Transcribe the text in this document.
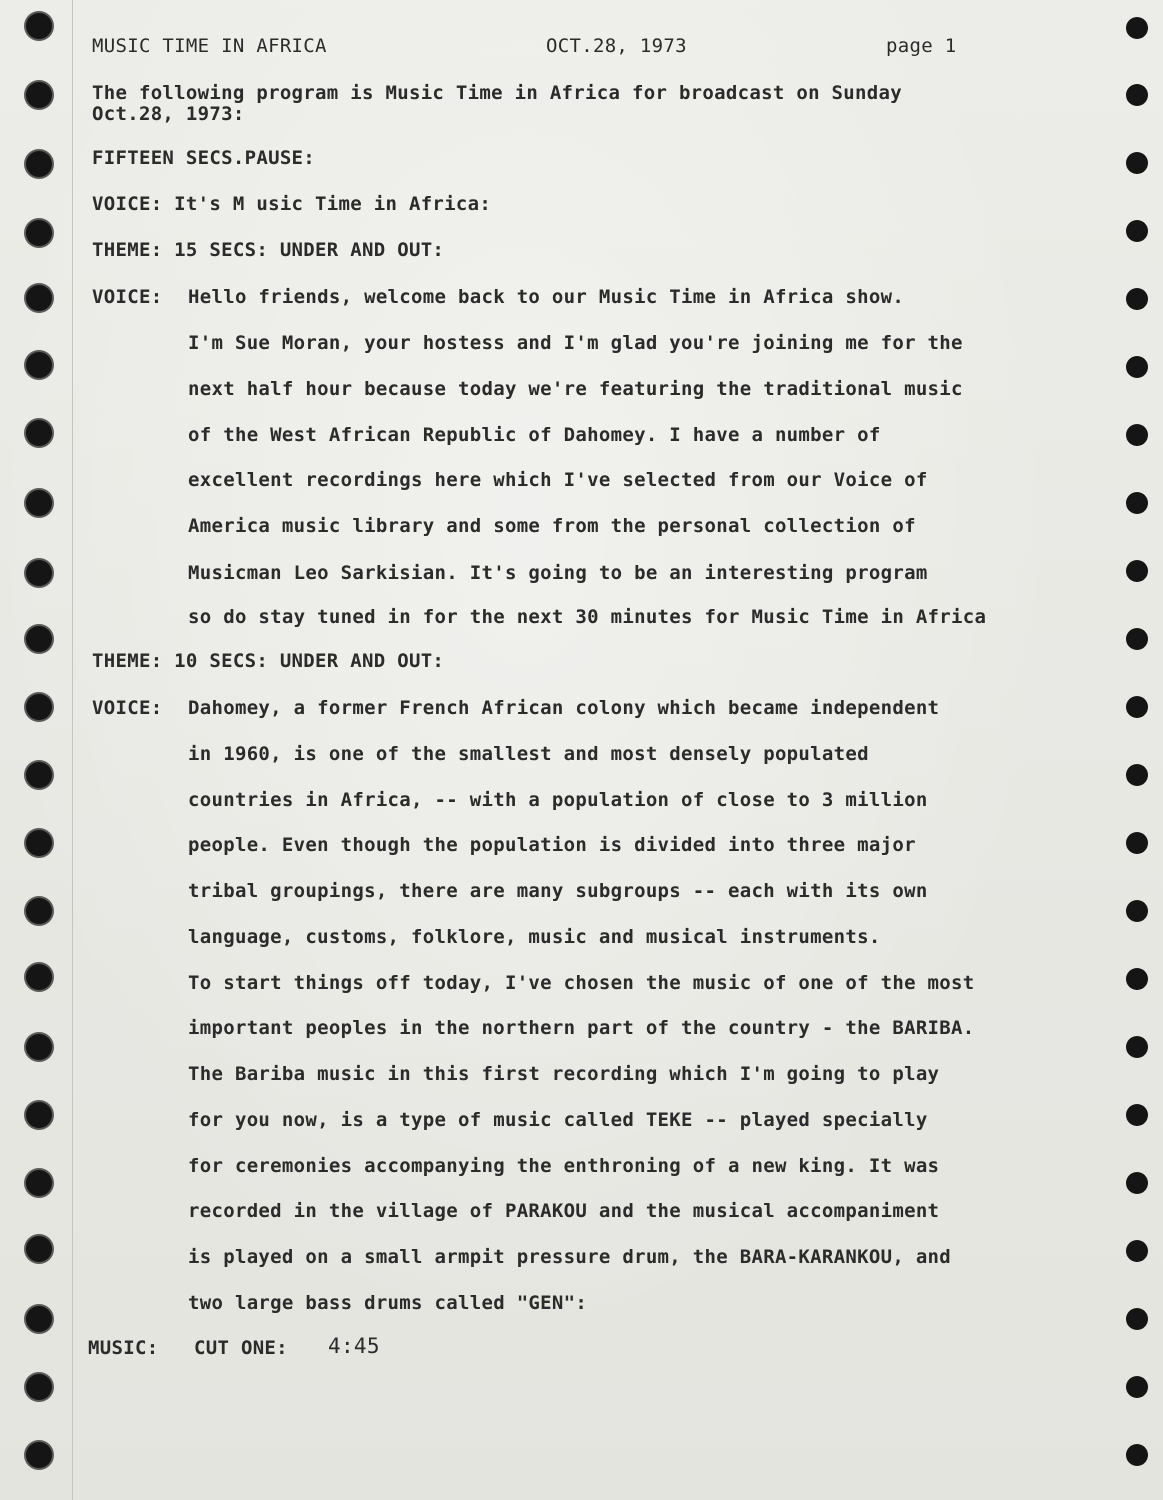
MUSIC TIME IN AFRICA	OCT.28, 1973	page 1
The following program is Music Time in Africa for broadcast on Sunday
Oct.28, 1973:
FIFTEEN SECS.PAUSE:
VOICE: It's M usic Time in Africa:
THEME: 15 SECS: UNDER AND OUT:
VOICE: Hello friends, welcome back to our Music Time in Africa show.
I'm Sue Moran, your hostess and I'm glad you're joining me for the
next half hour because today we're featuring the traditional music
of the West African Republic of Dahomey. I have a number of
excellent recordings here which I've selected from our Voice of
America music library and some from the personal collection of
Musicman Leo Sarkisian. It's going to be an interesting program
so do stay tuned in for the next 30 minutes for Music Time in Africa
THEME: 10 SECS: UNDER AND OUT:
VOICE: Dahomey, a former French African colony which became independent
in 1960, is one of the smallest and most densely populated
countries in Africa, -- with a population of close to 3 million
people. Even though the population is divided into three major
tribal groupings, there are many subgroups -- each with its own
language, customs, folklore, music and musical instruments.
To start things off today, I've chosen the music of one of the most
important peoples in the northern part of the country - the BARIBA.
The Bariba music in this first recording which I'm going to play
for you now, is a type of music called TEKE -- played specially
for ceremonies accompanying the enthroning of a new king. It was
recorded in the village of PARAKOU and the musical accompaniment
is played on a small armpit pressure drum, the BARA-KARANKOU, and
two large bass drums called "GEN":
MUSIC: CUT ONE: 4:45
